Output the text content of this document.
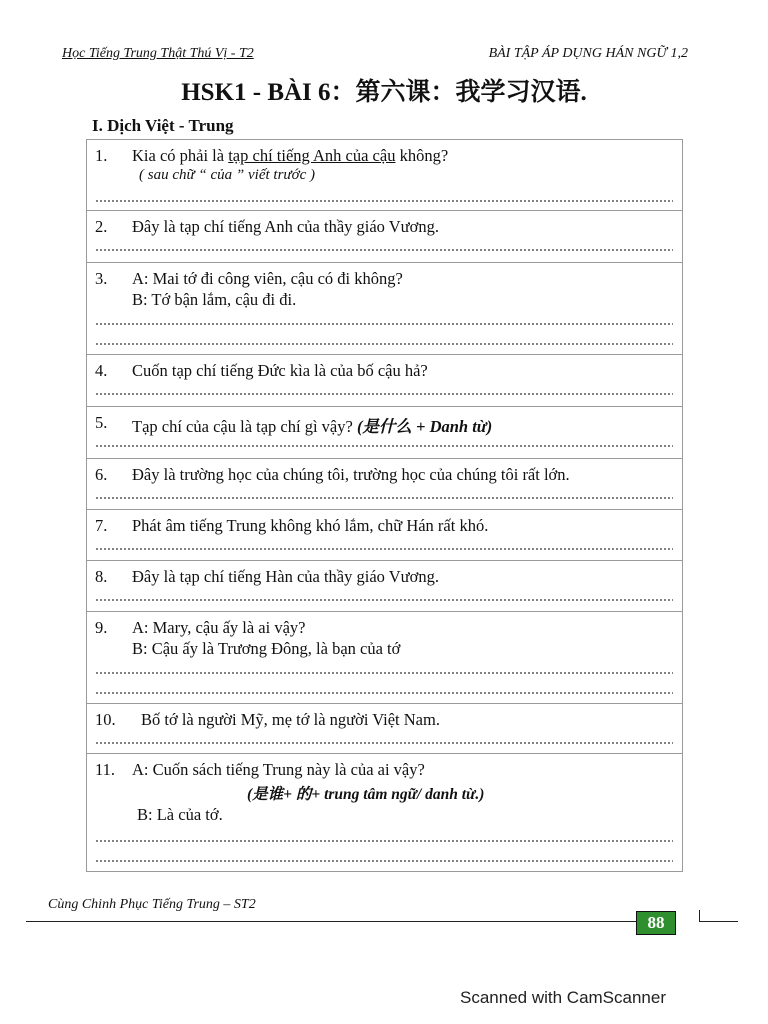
Học Tiếng Trung Thật Thú Vị - T2	BÀI TẬP ÁP DỤNG HÁN NGỮ 1,2
HSK1 - BÀI 6：第六课：我学习汉语.
I. Dịch Việt - Trung
1. Kia có phải là tạp chí tiếng Anh của cậu không?
( sau chữ “ của ” viết trước )
2. Đây là tạp chí tiếng Anh của thầy giáo Vương.
3. A: Mai tớ đi công viên, cậu có đi không?
B: Tớ bận lắm, cậu đi đi.
4. Cuốn tạp chí tiếng Đức kìa là của bố cậu hả?
5. Tạp chí của cậu là tạp chí gì vậy? (是什么 + Danh từ)
6. Đây là trường học của chúng tôi, trường học của chúng tôi rất lớn.
7. Phát âm tiếng Trung không khó lắm, chữ Hán rất khó.
8. Đây là tạp chí tiếng Hàn của thầy giáo Vương.
9. A: Mary, cậu ấy là ai vậy?
B: Cậu ấy là Trương Đông, là bạn của tớ
10. Bố tớ là người Mỹ, mẹ tớ là người Việt Nam.
11. A: Cuốn sách tiếng Trung này là của ai vậy?
(是谁+ 的+ trung tâm ngữ/ danh từ.)
B: Là của tớ.
Cùng Chinh Phục Tiếng Trung – ST2
88
Scanned with CamScanner
